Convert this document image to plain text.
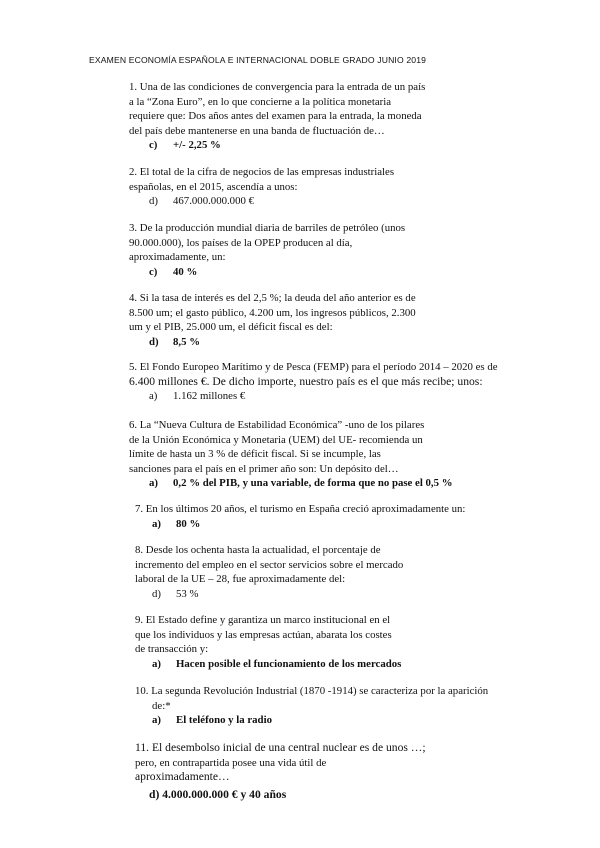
EXAMEN ECONOMÍA ESPAÑOLA E INTERNACIONAL DOBLE GRADO JUNIO 2019
1. Una de las condiciones de convergencia para la entrada de un país
a la “Zona Euro”, en lo que concierne a la política monetaria
requiere que: Dos años antes del examen para la entrada, la moneda
del país debe mantenerse en una banda de fluctuación de…
c) +/- 2,25 %
2. El total de la cifra de negocios de las empresas industriales
españolas, en el 2015, ascendía a unos:
d) 467.000.000.000 €
3. De la producción mundial diaria de barriles de petróleo (unos
90.000.000), los países de la OPEP producen al día,
aproximadamente, un:
c) 40 %
4. Si la tasa de interés es del 2,5 %; la deuda del año anterior es de
8.500 um; el gasto público, 4.200 um, los ingresos públicos, 2.300
um y el PIB, 25.000 um, el déficit fiscal es del:
d) 8,5 %
5. El Fondo Europeo Marítimo y de Pesca (FEMP) para el período 2014 – 2020 es de
6.400 millones €. De dicho importe, nuestro país es el que más recibe; unos:
a) 1.162 millones €
6. La “Nueva Cultura de Estabilidad Económica” -uno de los pilares
de la Unión Económica y Monetaria (UEM) del UE- recomienda un
límite de hasta un 3 % de déficit fiscal. Si se incumple, las
sanciones para el país en el primer año son: Un depósito del…
a) 0,2 % del PIB, y una variable, de forma que no pase el 0,5 %
7. En los últimos 20 años, el turismo en España creció aproximadamente un:
a) 80 %
8. Desde los ochenta hasta la actualidad, el porcentaje de
incremento del empleo en el sector servicios sobre el mercado
laboral de la UE – 28, fue aproximadamente del:
d) 53 %
9. El Estado define y garantiza un marco institucional en el
que los individuos y las empresas actúan, abarata los costes
de transacción y:
a) Hacen posible el funcionamiento de los mercados
10. La segunda Revolución Industrial (1870 -1914) se caracteriza por la aparición
de:*
a) El teléfono y la radio
11. El desembolso inicial de una central nuclear es de unos …;
pero, en contrapartida posee una vida útil de
aproximadamente…
d) 4.000.000.000 € y 40 años
